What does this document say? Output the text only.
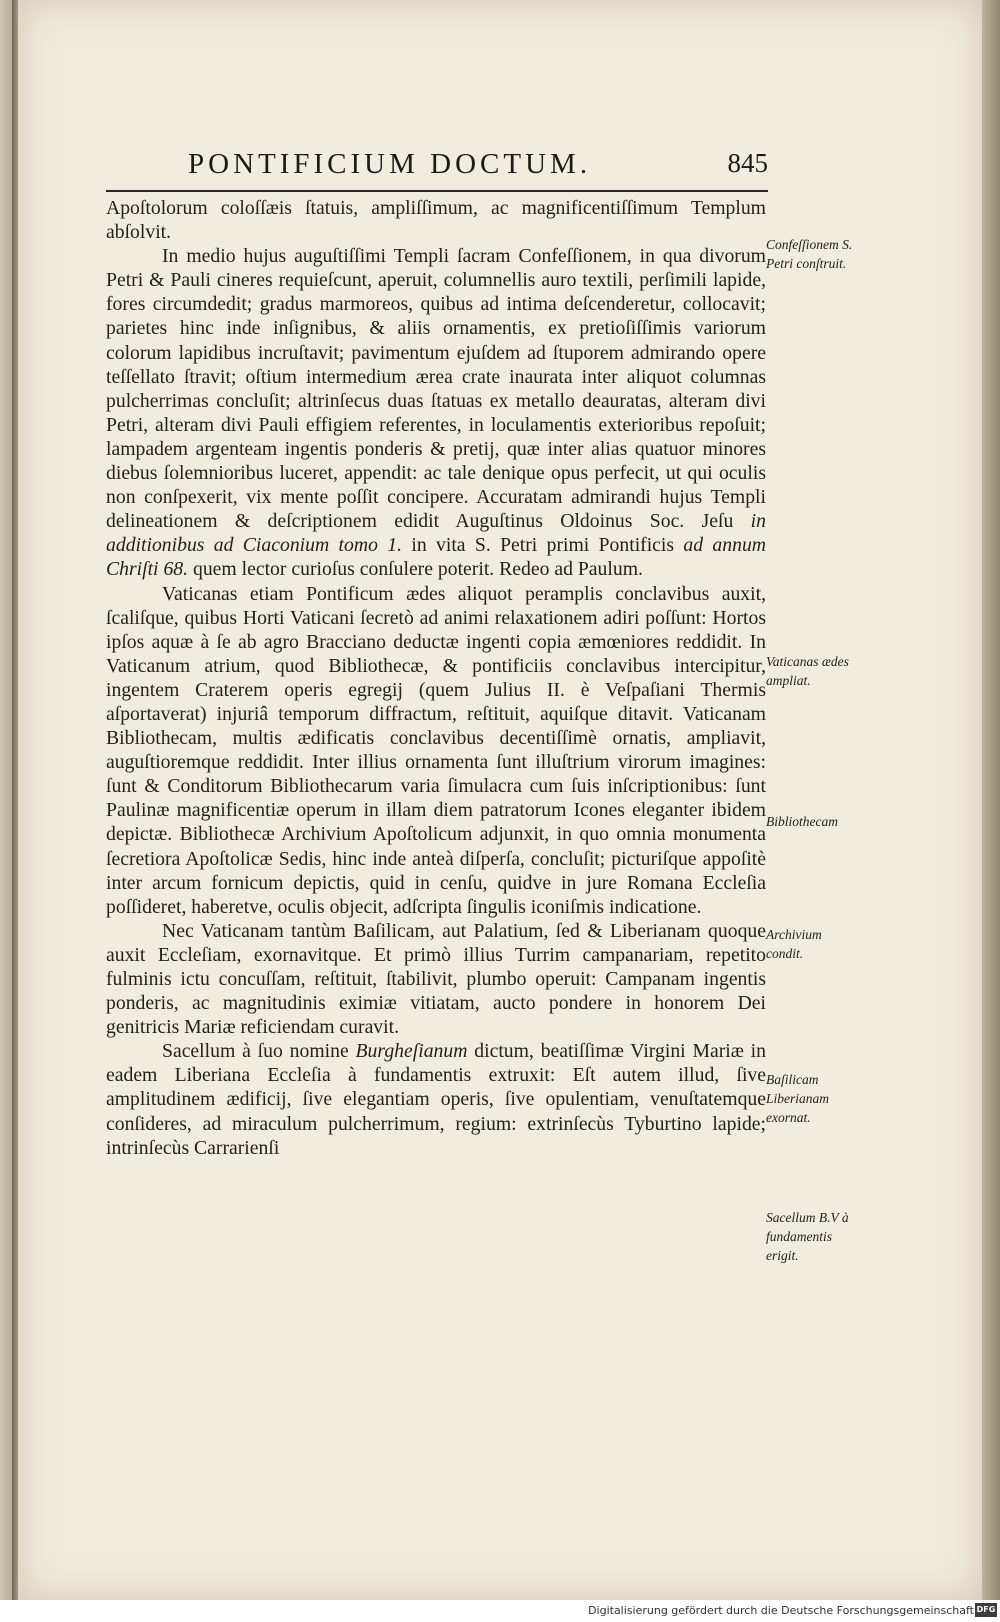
PONTIFICIUM DOCTUM.	845

Apoſtolorum coloſſæis ſtatuis, ampliſſimum, ac magnificentiſſimum Templum abſolvit.

In medio hujus auguſtiſſimi Templi ſacram Confeſſionem, in qua divorum Petri & Pauli cineres requieſcunt, aperuit, columnellis auro textili, perſimili lapide, fores circumdedit; gradus marmoreos, quibus ad intima deſcenderetur, collocavit; parietes hinc inde inſignibus, & aliis ornamentis, ex pretioſiſſimis variorum colorum lapidibus incruſtavit; pavimentum ejuſdem ad ſtuporem admirando opere teſſellato ſtravit; oſtium intermedium ærea crate inaurata inter aliquot columnas pulcherrimas concluſit; altrinſecus duas ſtatuas ex metallo deauratas, alteram divi Petri, alteram divi Pauli effigiem referentes, in loculamentis exterioribus repoſuit; lampadem argenteam ingentis ponderis & pretij, quæ inter alias quatuor minores diebus ſolemnioribus luceret, appendit: ac tale denique opus perfecit, ut qui oculis non conſpexerit, vix mente poſſit concipere. Accuratam admirandi hujus Templi delineationem & deſcriptionem edidit Auguſtinus Oldoinus Soc. Jeſu in additionibus ad Ciaconium tomo 1. in vita S. Petri primi Pontificis ad annum Chriſti 68. quem lector curioſus conſulere poterit. Redeo ad Paulum.

Vaticanas etiam Pontificum ædes aliquot peramplis conclavibus auxit, ſcaliſque, quibus Horti Vaticani ſecretò ad animi relaxationem adiri poſſunt: Hortos ipſos aquæ à ſe ab agro Bracciano deductæ ingenti copia æmœniores reddidit. In Vaticanum atrium, quod Bibliothecæ, & pontificiis conclavibus intercipitur, ingentem Craterem operis egregij (quem Julius II. è Veſpaſiani Thermis aſportaverat) injuriâ temporum diffractum, reſtituit, aquiſque ditavit. Vaticanam Bibliothecam, multis ædificatis conclavibus decentiſſimè ornatis, ampliavit, auguſtioremque reddidit. Inter illius ornamenta ſunt illuſtrium virorum imagines: ſunt & Conditorum Bibliothecarum varia ſimulacra cum ſuis inſcriptionibus: ſunt Paulinæ magnificentiæ operum in illam diem patratorum Icones eleganter ibidem depictæ. Bibliothecæ Archivium Apoſtolicum adjunxit, in quo omnia monumenta ſecretiora Apoſtolicæ Sedis, hinc inde anteà diſperſa, concluſit; picturiſque appoſitè inter arcum fornicum depictis, quid in cenſu, quidve in jure Romana Eccleſia poſſideret, haberetve, oculis objecit, adſcripta ſingulis iconiſmis indicatione.

Nec Vaticanam tantùm Baſilicam, aut Palatium, ſed & Liberianam quoque auxit Eccleſiam, exornavitque. Et primò illius Turrim campanariam, repetito fulminis ictu concuſſam, reſtituit, ſtabilivit, plumbo operuit: Campanam ingentis ponderis, ac magnitudinis eximiæ vitiatam, aucto pondere in honorem Dei genitricis Mariæ reficiendam curavit.

Sacellum à ſuo nomine Burgheſianum dictum, beatiſſimæ Virgini Mariæ in eadem Liberiana Eccleſia à fundamentis extruxit: Eſt autem illud, ſive amplitudinem ædificij, ſive elegantiam operis, ſive opulentiam, venuſtatemque conſideres, ad miraculum pulcherrimum, regium: extrinſecùs Tyburtino lapide; intrinſecùs Carrarienſi

Confeſſionem S. Petri conſtruit.
Vaticanas ædes ampliat.
Bibliothecam
Archivium condit.
Baſilicam Liberianam exornat.
Sacellum B.V à fundamentis erigit.
Digitalisierung gefördert durch die Deutsche Forschungsgemeinschaft DFG
